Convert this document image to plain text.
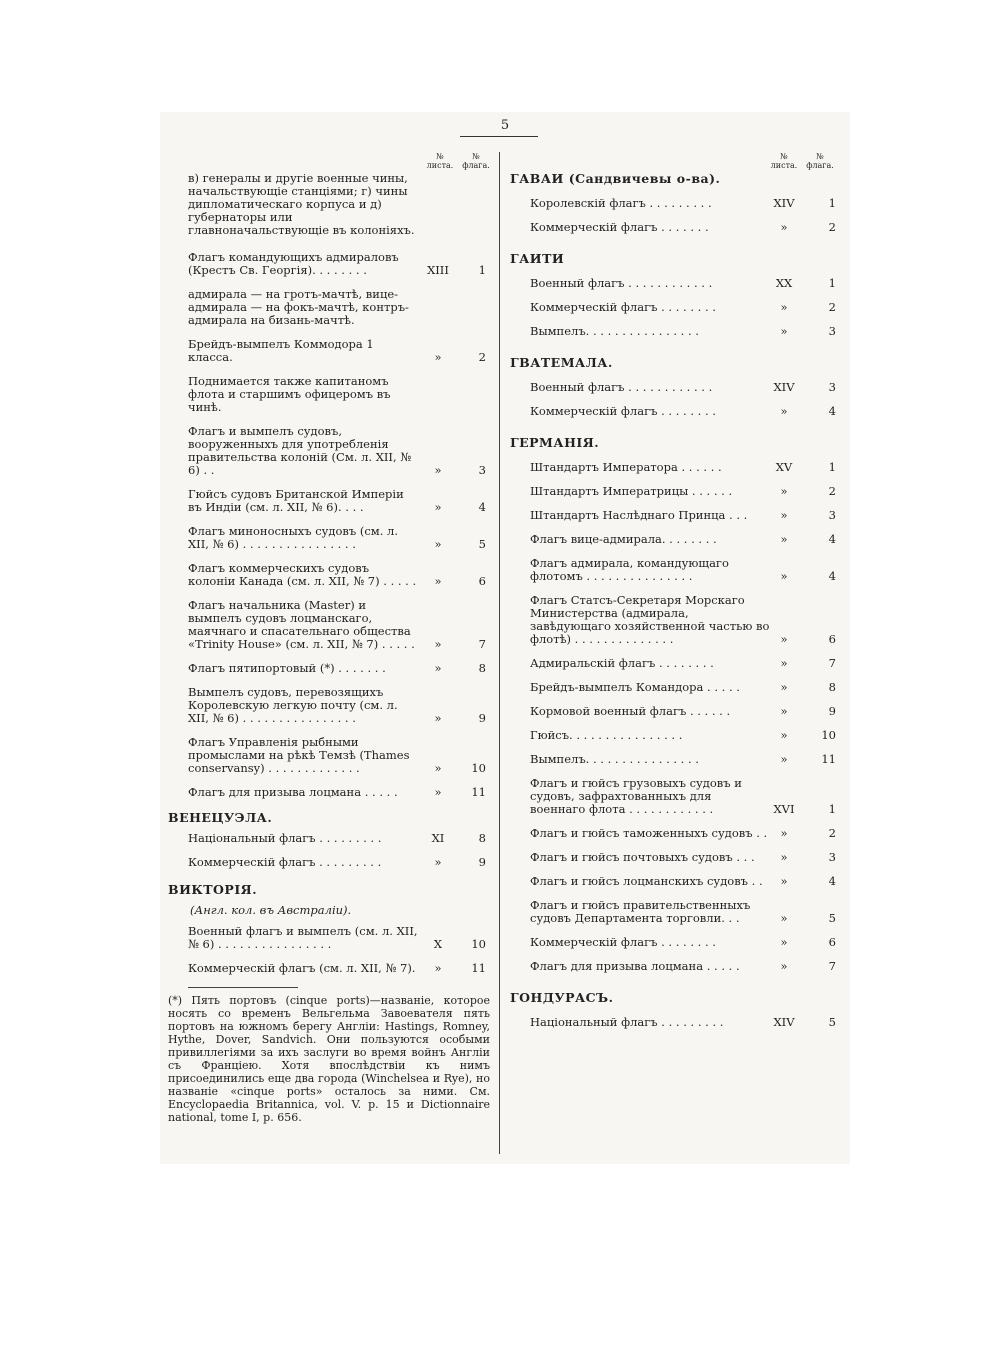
5
№ листа.
№ флага.
в) генералы и другіе военные чины, начальствующіе станціями; г) чины дипломатическаго корпуса и д) губернаторы или главноначальствующіе въ колоніяхъ.
Флагъ командующихъ адмираловъ (Крестъ Св. Георгія). . . . . . . .	XIII	1
адмирала — на гротъ-мачтѣ, вице-адмирала — на фокъ-мачтѣ, контръ-адмирала на бизань-мачтѣ.
Брейдъ-вымпелъ Коммодора 1 класса.	»	2
Поднимается также капитаномъ флота и старшимъ офицеромъ въ чинѣ.
Флагъ и вымпелъ судовъ, вооруженныхъ для употребленія правительства колоній (См. л. XII, № 6) . .	»	3
Гюйсъ судовъ Британской Имперіи въ Индіи (см. л. XII, № 6). . . .	»	4
Флагъ миноносныхъ судовъ (см. л. XII, № 6) . . . . . . . . . . . . . . . .	»	5
Флагъ коммерческихъ судовъ колоніи Канада (см. л. XII, № 7) . . . . .	»	6
Флагъ начальника (Master) и вымпелъ судовъ лоцманскаго, маячнаго и спасательнаго общества «Trinity House» (см. л. XII, № 7) . . . . .	»	7
Флагъ пятипортовый (*) . . . . . . .	»	8
Вымпелъ судовъ, перевозящихъ Королевскую легкую почту (см. л. XII, № 6) . . . . . . . . . . . . . . . .	»	9
Флагъ Управленія рыбными промыслами на рѣкѣ Темзѣ (Thames conservansy) . . . . . . . . . . . . .	»	10
Флагъ для призыва лоцмана . . . . .	»	11
ВЕНЕЦУЭЛА.
Національный флагъ . . . . . . . . .	XI	8
Коммерческій флагъ . . . . . . . . .	»	9
ВИКТОРІЯ.
(Англ. кол. въ Австраліи).
Военный флагъ и вымпелъ (см. л. XII, № 6) . . . . . . . . . . . . . . . .	X	10
Коммерческій флагъ (см. л. XII, № 7).	»	11
(*) Пять портовъ (cinque ports)—названіе, которое носять со временъ Вельгельма Завоевателя пять портовъ на южномъ берегу Англіи: Hastings, Romney, Hythe, Dover, Sandvich. Они пользуются особыми привиллегіями за ихъ заслуги во время войнъ Англіи съ Франціею. Хотя впослѣдствіи къ нимъ присоединились еще два города (Winchelsea и Rye), но названіе «cinque ports» осталось за ними. См. Encyclopaedia Britannica, vol. V. p. 15 и Dictionnaire national, tome I, p. 656.
№ листа.
№ флага.
ГАВАИ (Сандвичевы о-ва).
Королевскій флагъ . . . . . . . . .	XIV	1
Коммерческій флагъ . . . . . . .	»	2
ГАИТИ
Военный флагъ . . . . . . . . . . . .	XX	1
Коммерческій флагъ . . . . . . . .	»	2
Вымпелъ. . . . . . . . . . . . . . . .	»	3
ГВАТЕМАЛА.
Военный флагъ . . . . . . . . . . . .	XIV	3
Коммерческій флагъ . . . . . . . .	»	4
ГЕРМАНІЯ.
Штандартъ Императора . . . . . .	XV	1
Штандартъ Императрицы . . . . . .	»	2
Штандартъ Наслѣднаго Принца . . .	»	3
Флагъ вице-адмирала. . . . . . . .	»	4
Флагъ адмирала, командующаго флотомъ . . . . . . . . . . . . . . .	»	4
Флагъ Статсъ-Секретаря Морскаго Министерства (адмирала, завѣдующаго хозяйственной частью во флотѣ) . . . . . . . . . . . . . .	»	6
Адмиральскій флагъ . . . . . . . .	»	7
Брейдъ-вымпелъ Командора . . . . .	»	8
Кормовой военный флагъ . . . . . .	»	9
Гюйсъ. . . . . . . . . . . . . . . .	»	10
Вымпелъ. . . . . . . . . . . . . . . .	»	11
Флагъ и гюйсъ грузовыхъ судовъ и судовъ, зафрахтованныхъ для военнаго флота . . . . . . . . . . . .	XVI	1
Флагъ и гюйсъ таможенныхъ судовъ . .	»	2
Флагъ и гюйсъ почтовыхъ судовъ . . .	»	3
Флагъ и гюйсъ лоцманскихъ судовъ . .	»	4
Флагъ и гюйсъ правительственныхъ судовъ Департамента торговли. . .	»	5
Коммерческій флагъ . . . . . . . .	»	6
Флагъ для призыва лоцмана . . . . .	»	7
ГОНДУРАСЪ.
Національный флагъ . . . . . . . . .	XIV	5
